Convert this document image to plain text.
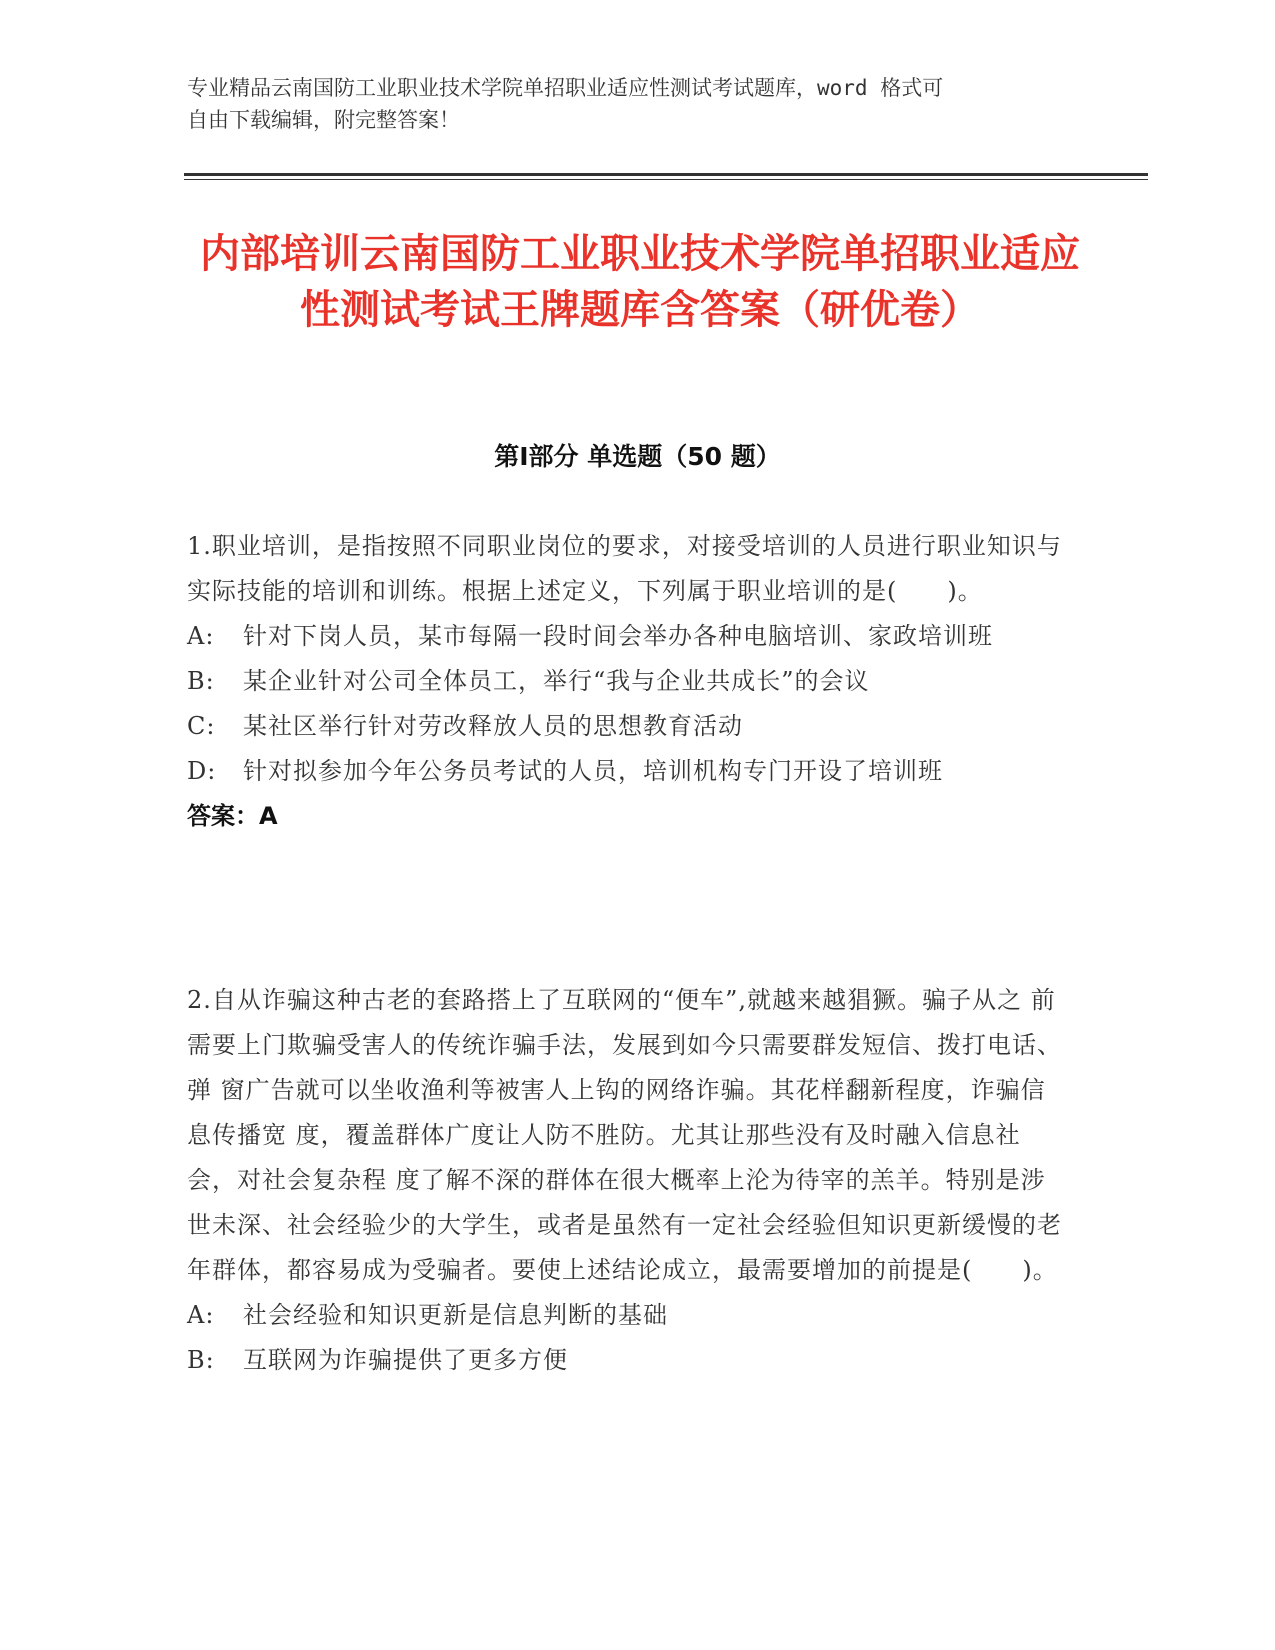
专业精品云南国防工业职业技术学院单招职业适应性测试考试题库，word 格式可
自由下载编辑，附完整答案！
内部培训云南国防工业职业技术学院单招职业适应性测试考试王牌题库含答案（研优卷）
第Ⅰ部分 单选题（50 题）

1.职业培训，是指按照不同职业岗位的要求，对接受培训的人员进行职业知识与 实际技能的培训和训练。根据上述定义，下列属于职业培训的是(　　)。

A: 针对下岗人员，某市每隔一段时间会举办各种电脑培训、家政培训班

B:	某企业针对公司全体员工，举行“我与企业共成长”的会议

C:	某社区举行针对劳改释放人员的思想教育活动

D:	针对拟参加今年公务员考试的人员，培训机构专门开设了培训班

答案：A

2.自从诈骗这种古老的套路搭上了互联网的“便车”,就越来越猖獗。骗子从之 前需要上门欺骗受害人的传统诈骗手法，发展到如今只需要群发短信、拨打电话、弹 窗广告就可以坐收渔利等被害人上钩的网络诈骗。其花样翻新程度，诈骗信息传播宽 度，覆盖群体广度让人防不胜防。尤其让那些没有及时融入信息社会，对社会复杂程 度了解不深的群体在很大概率上沦为待宰的羔羊。特别是涉世未深、社会经验少的大学生，或者是虽然有一定社会经验但知识更新缓慢的老年群体，都容易成为受骗者。要使上述结论成立，最需要增加的前提是(　　)。

A:	社会经验和知识更新是信息判断的基础

B:	互联网为诈骗提供了更多方便
